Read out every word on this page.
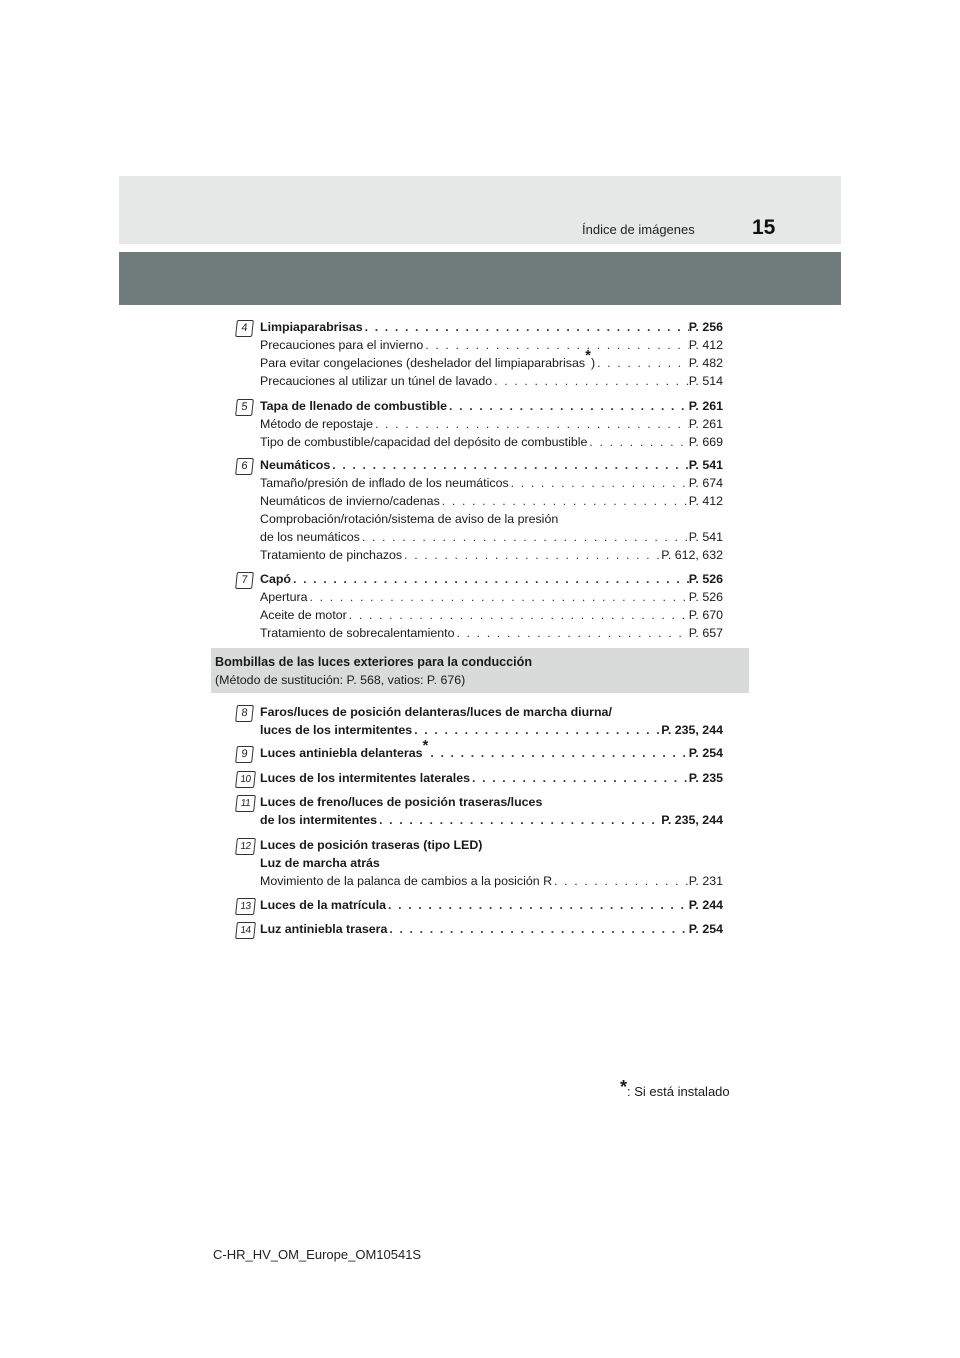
15
Índice de imágenes
Bombillas de las luces exteriores para la conducción
(Método de sustitución: P. 568, vatios: P. 676)
4 Limpiaparabrisas . . .	P. 256
Precauciones para el invierno . . .	P. 412
Para evitar congelaciones (deshelador del limpiaparabrisas*) . . .	P. 482
Precauciones al utilizar un túnel de lavado . . .	P. 514
5 Tapa de llenado de combustible . . .	P. 261
Método de repostaje . . .	P. 261
Tipo de combustible/capacidad del depósito de combustible . . .	P. 669
6 Neumáticos . . .	P. 541
Tamaño/presión de inflado de los neumáticos . . .	P. 674
Neumáticos de invierno/cadenas . . .	P. 412
Comprobación/rotación/sistema de aviso de la presión
de los neumáticos . . .	P. 541
Tratamiento de pinchazos . . .	P. 612, 632
7 Capó . . .	P. 526
Apertura . . .	P. 526
Aceite de motor . . .	P. 670
Tratamiento de sobrecalentamiento . . .	P. 657
8 Faros/luces de posición delanteras/luces de marcha diurna/
luces de los intermitentes . . .	P. 235, 244
9 Luces antiniebla delanteras* . . .	P. 254
10 Luces de los intermitentes laterales . . .	P. 235
11 Luces de freno/luces de posición traseras/luces
de los intermitentes . . .	P. 235, 244
12 Luces de posición traseras (tipo LED)
Luz de marcha atrás
Movimiento de la palanca de cambios a la posición R . . .	P. 231
13 Luces de la matrícula . . .	P. 244
14 Luz antiniebla trasera . . .	P. 254
*: Si está instalado
C-HR_HV_OM_Europe_OM10541S
